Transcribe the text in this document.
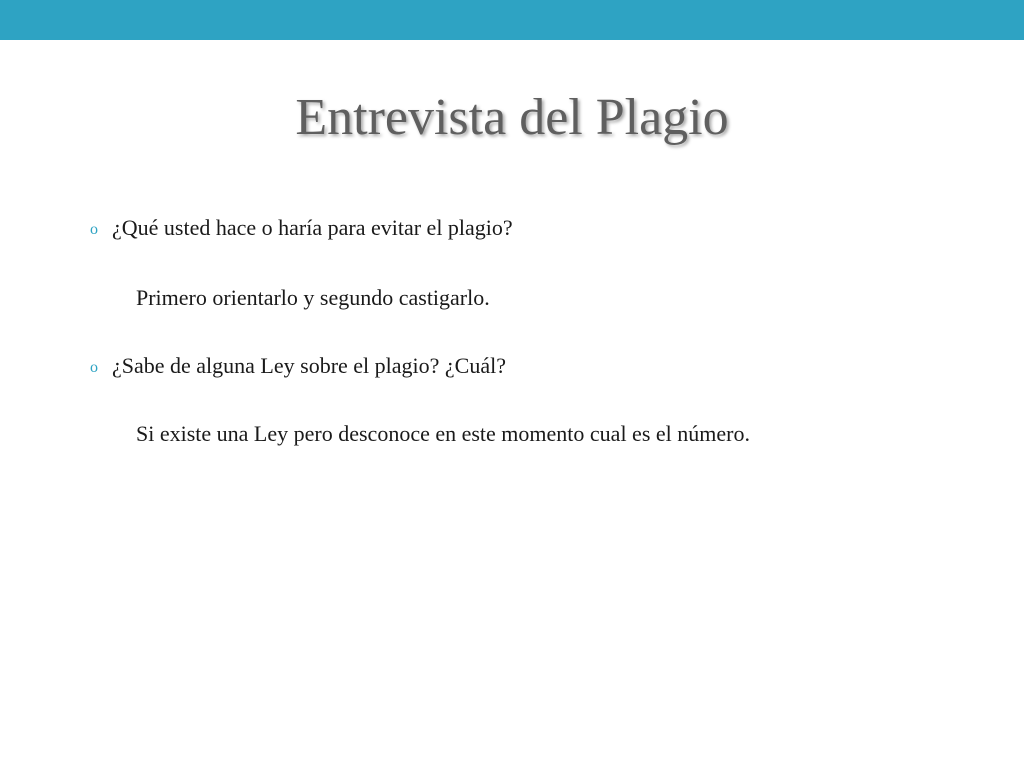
Entrevista del Plagio
o ¿Qué usted hace o haría para evitar el plagio?
Primero orientarlo y segundo castigarlo.
o ¿Sabe de alguna Ley sobre el plagio? ¿Cuál?
Si existe una Ley pero desconoce en este momento cual es el número.
